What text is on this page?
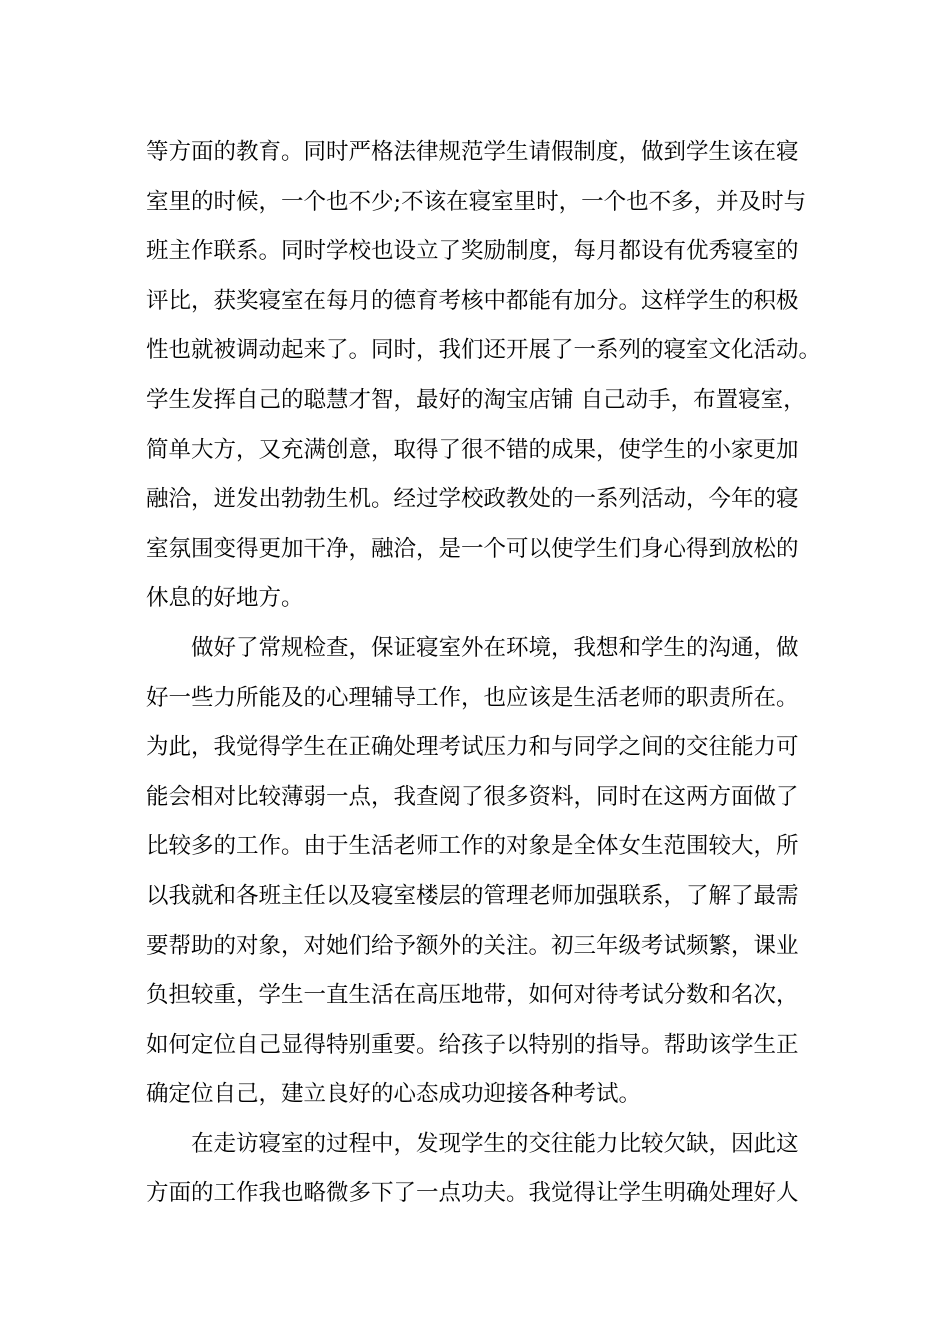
等方面的教育。同时严格法律规范学生请假制度，做到学生该在寝
室里的时候，一个也不少;不该在寝室里时，一个也不多，并及时与
班主作联系。同时学校也设立了奖励制度，每月都设有优秀寝室的
评比，获奖寝室在每月的德育考核中都能有加分。这样学生的积极
性也就被调动起来了。同时，我们还开展了一系列的寝室文化活动。
学生发挥自己的聪慧才智，最好的淘宝店铺 自己动手，布置寝室，
简单大方，又充满创意，取得了很不错的成果，使学生的小家更加
融洽，迸发出勃勃生机。经过学校政教处的一系列活动，今年的寝
室氛围变得更加干净，融洽，是一个可以使学生们身心得到放松的
休息的好地方。
做好了常规检查，保证寝室外在环境，我想和学生的沟通，做
好一些力所能及的心理辅导工作，也应该是生活老师的职责所在。
为此，我觉得学生在正确处理考试压力和与同学之间的交往能力可
能会相对比较薄弱一点，我查阅了很多资料，同时在这两方面做了
比较多的工作。由于生活老师工作的对象是全体女生范围较大，所
以我就和各班主任以及寝室楼层的管理老师加强联系，了解了最需
要帮助的对象，对她们给予额外的关注。初三年级考试频繁，课业
负担较重，学生一直生活在高压地带，如何对待考试分数和名次，
如何定位自己显得特别重要。给孩子以特别的指导。帮助该学生正
确定位自己，建立良好的心态成功迎接各种考试。
在走访寝室的过程中，发现学生的交往能力比较欠缺，因此这
方面的工作我也略微多下了一点功夫。我觉得让学生明确处理好人
